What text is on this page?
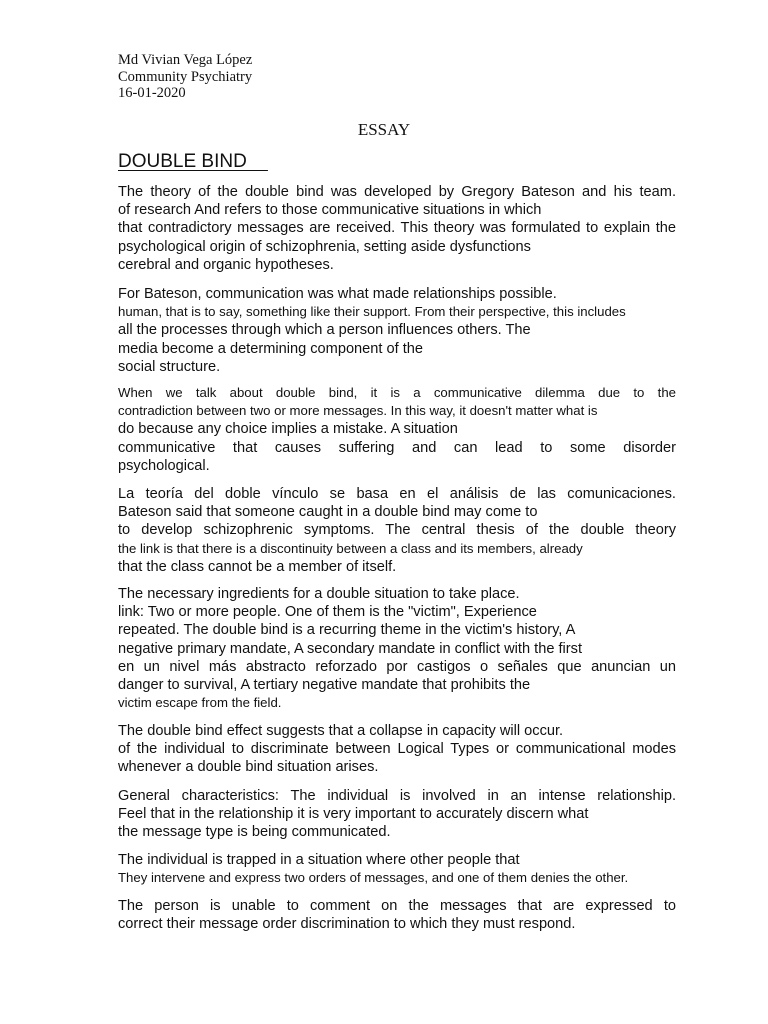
Md Vivian Vega López
Community Psychiatry
16-01-2020
ESSAY
DOUBLE BIND
The theory of the double bind was developed by Gregory Bateson and his team.
of research And refers to those communicative situations in which
that contradictory messages are received. This theory was formulated to explain the
psychological origin of schizophrenia, setting aside dysfunctions
cerebral and organic hypotheses.
For Bateson, communication was what made relationships possible.
human, that is to say, something like their support. From their perspective, this includes
all the processes through which a person influences others. The
media become a determining component of the
social structure.
When we talk about double bind, it is a communicative dilemma due to the
contradiction between two or more messages. In this way, it doesn't matter what is
do because any choice implies a mistake. A situation
communicative that causes suffering and can lead to some disorder
psychological.
La teoría del doble vínculo se basa en el análisis de las comunicaciones.
Bateson said that someone caught in a double bind may come to
to develop schizophrenic symptoms. The central thesis of the double theory
the link is that there is a discontinuity between a class and its members, already
that the class cannot be a member of itself.
The necessary ingredients for a double situation to take place.
link: Two or more people. One of them is the "victim", Experience
repeated. The double bind is a recurring theme in the victim's history, A
negative primary mandate, A secondary mandate in conflict with the first
en un nivel más abstracto reforzado por castigos o señales que anuncian un
danger to survival, A tertiary negative mandate that prohibits the
victim escape from the field.
The double bind effect suggests that a collapse in capacity will occur.
of the individual to discriminate between Logical Types or communicational modes
whenever a double bind situation arises.
General characteristics: The individual is involved in an intense relationship.
Feel that in the relationship it is very important to accurately discern what
the message type is being communicated.
The individual is trapped in a situation where other people that
They intervene and express two orders of messages, and one of them denies the other.
The person is unable to comment on the messages that are expressed to
correct their message order discrimination to which they must respond.
